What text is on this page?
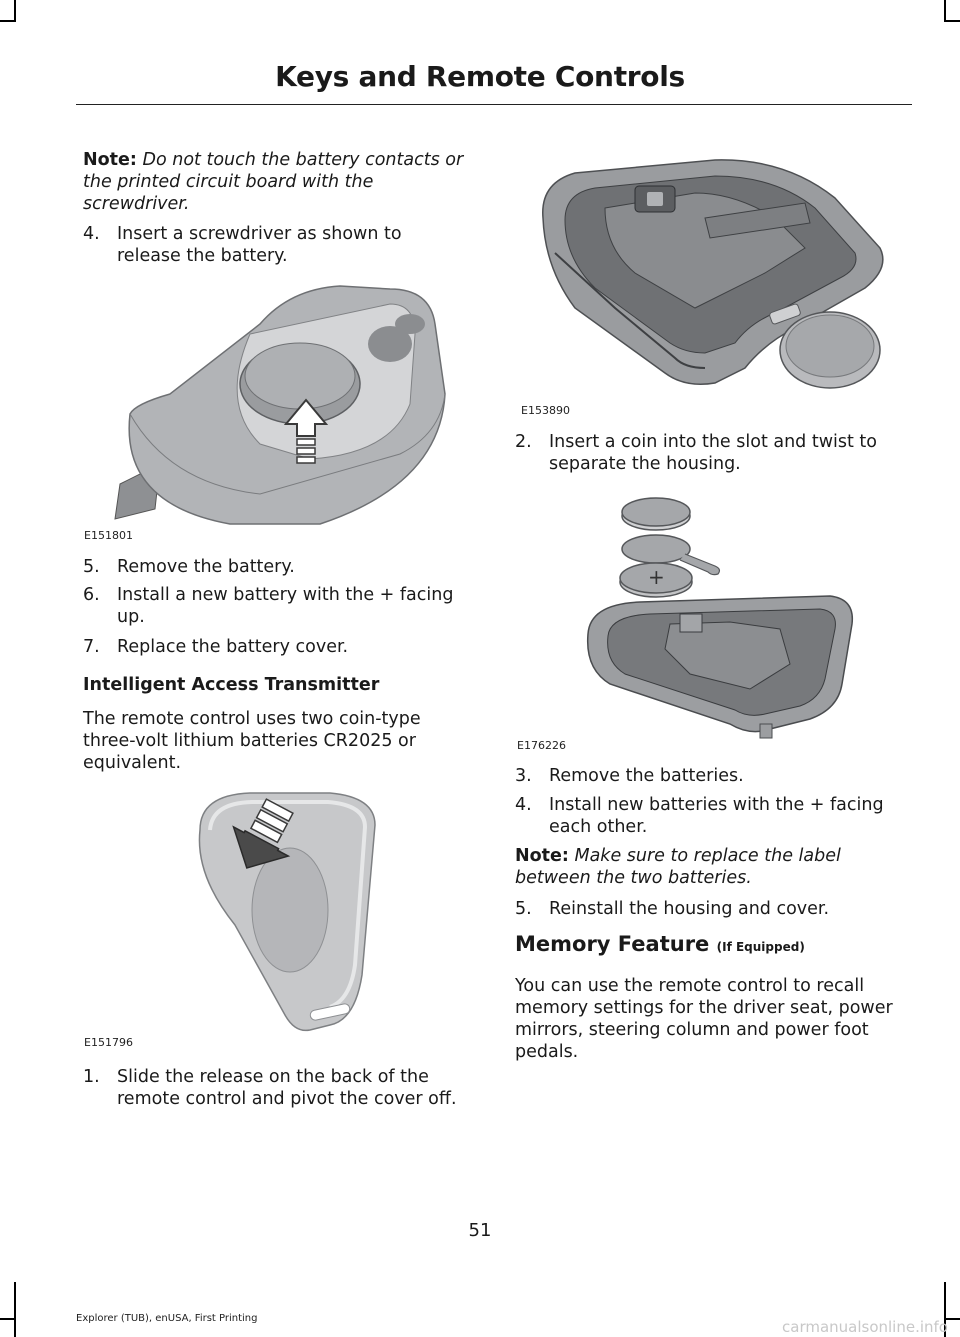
Keys and Remote Controls

Note: Do not touch the battery contacts or the printed circuit board with the screwdriver.

4. Insert a screwdriver as shown to release the battery.
E151801
5. Remove the battery.
6. Install a new battery with the + facing up.
7. Replace the battery cover.
Intelligent Access Transmitter

The remote control uses two coin-type three-volt lithium batteries CR2025 or equivalent.

E151796
1. Slide the release on the back of the remote control and pivot the cover off.
E153890
2. Insert a coin into the slot and twist to separate the housing.
+
E176226
3. Remove the batteries.
4. Install new batteries with the + facing each other.

Note: Make sure to replace the label between the two batteries.

5. Reinstall the housing and cover.
Memory Feature (If Equipped)

You can use the remote control to recall memory settings for the driver seat, power mirrors, steering column and power foot pedals.

51
Explorer (TUB), enUSA, First Printing	carmanualsonline.info
